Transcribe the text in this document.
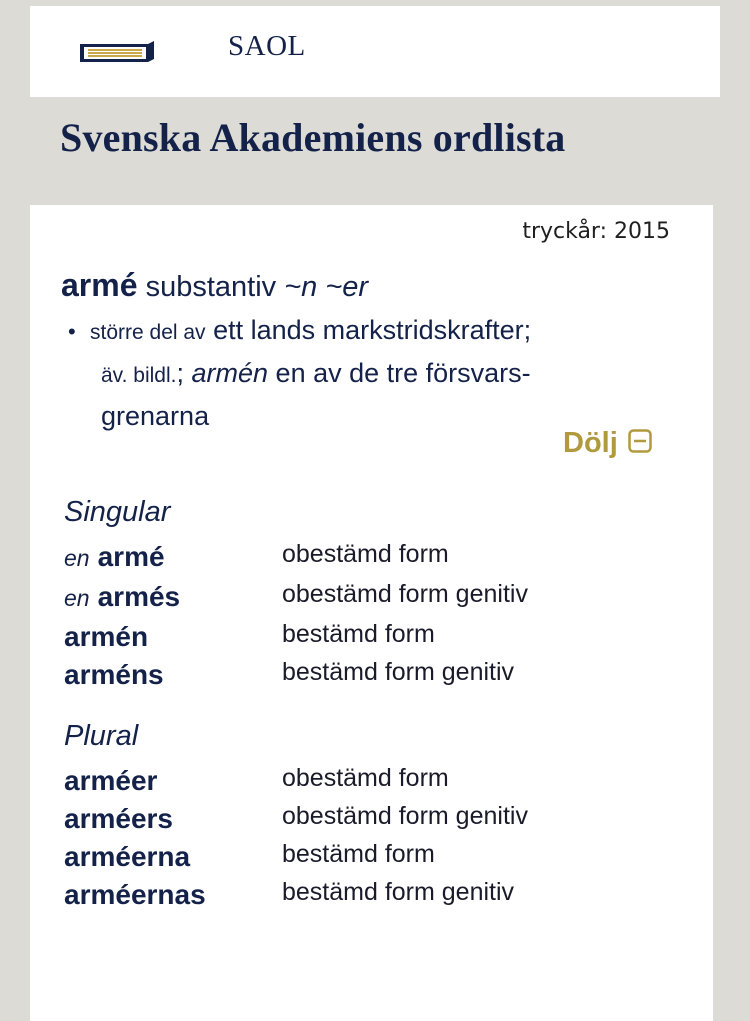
SAOL
Svenska Akademiens ordlista
tryckår: 2015
armé substantiv ~n ~er
• större del av ett lands markstridskrafter;
äv. bildl.; armén en av de tre försvars-
grenarna
Dölj
Singular
en armé	obestämd form
en armés	obestämd form genitiv
armén	bestämd form
arméns	bestämd form genitiv
Plural
arméer	obestämd form
arméers	obestämd form genitiv
arméerna	bestämd form
arméernas	bestämd form genitiv
